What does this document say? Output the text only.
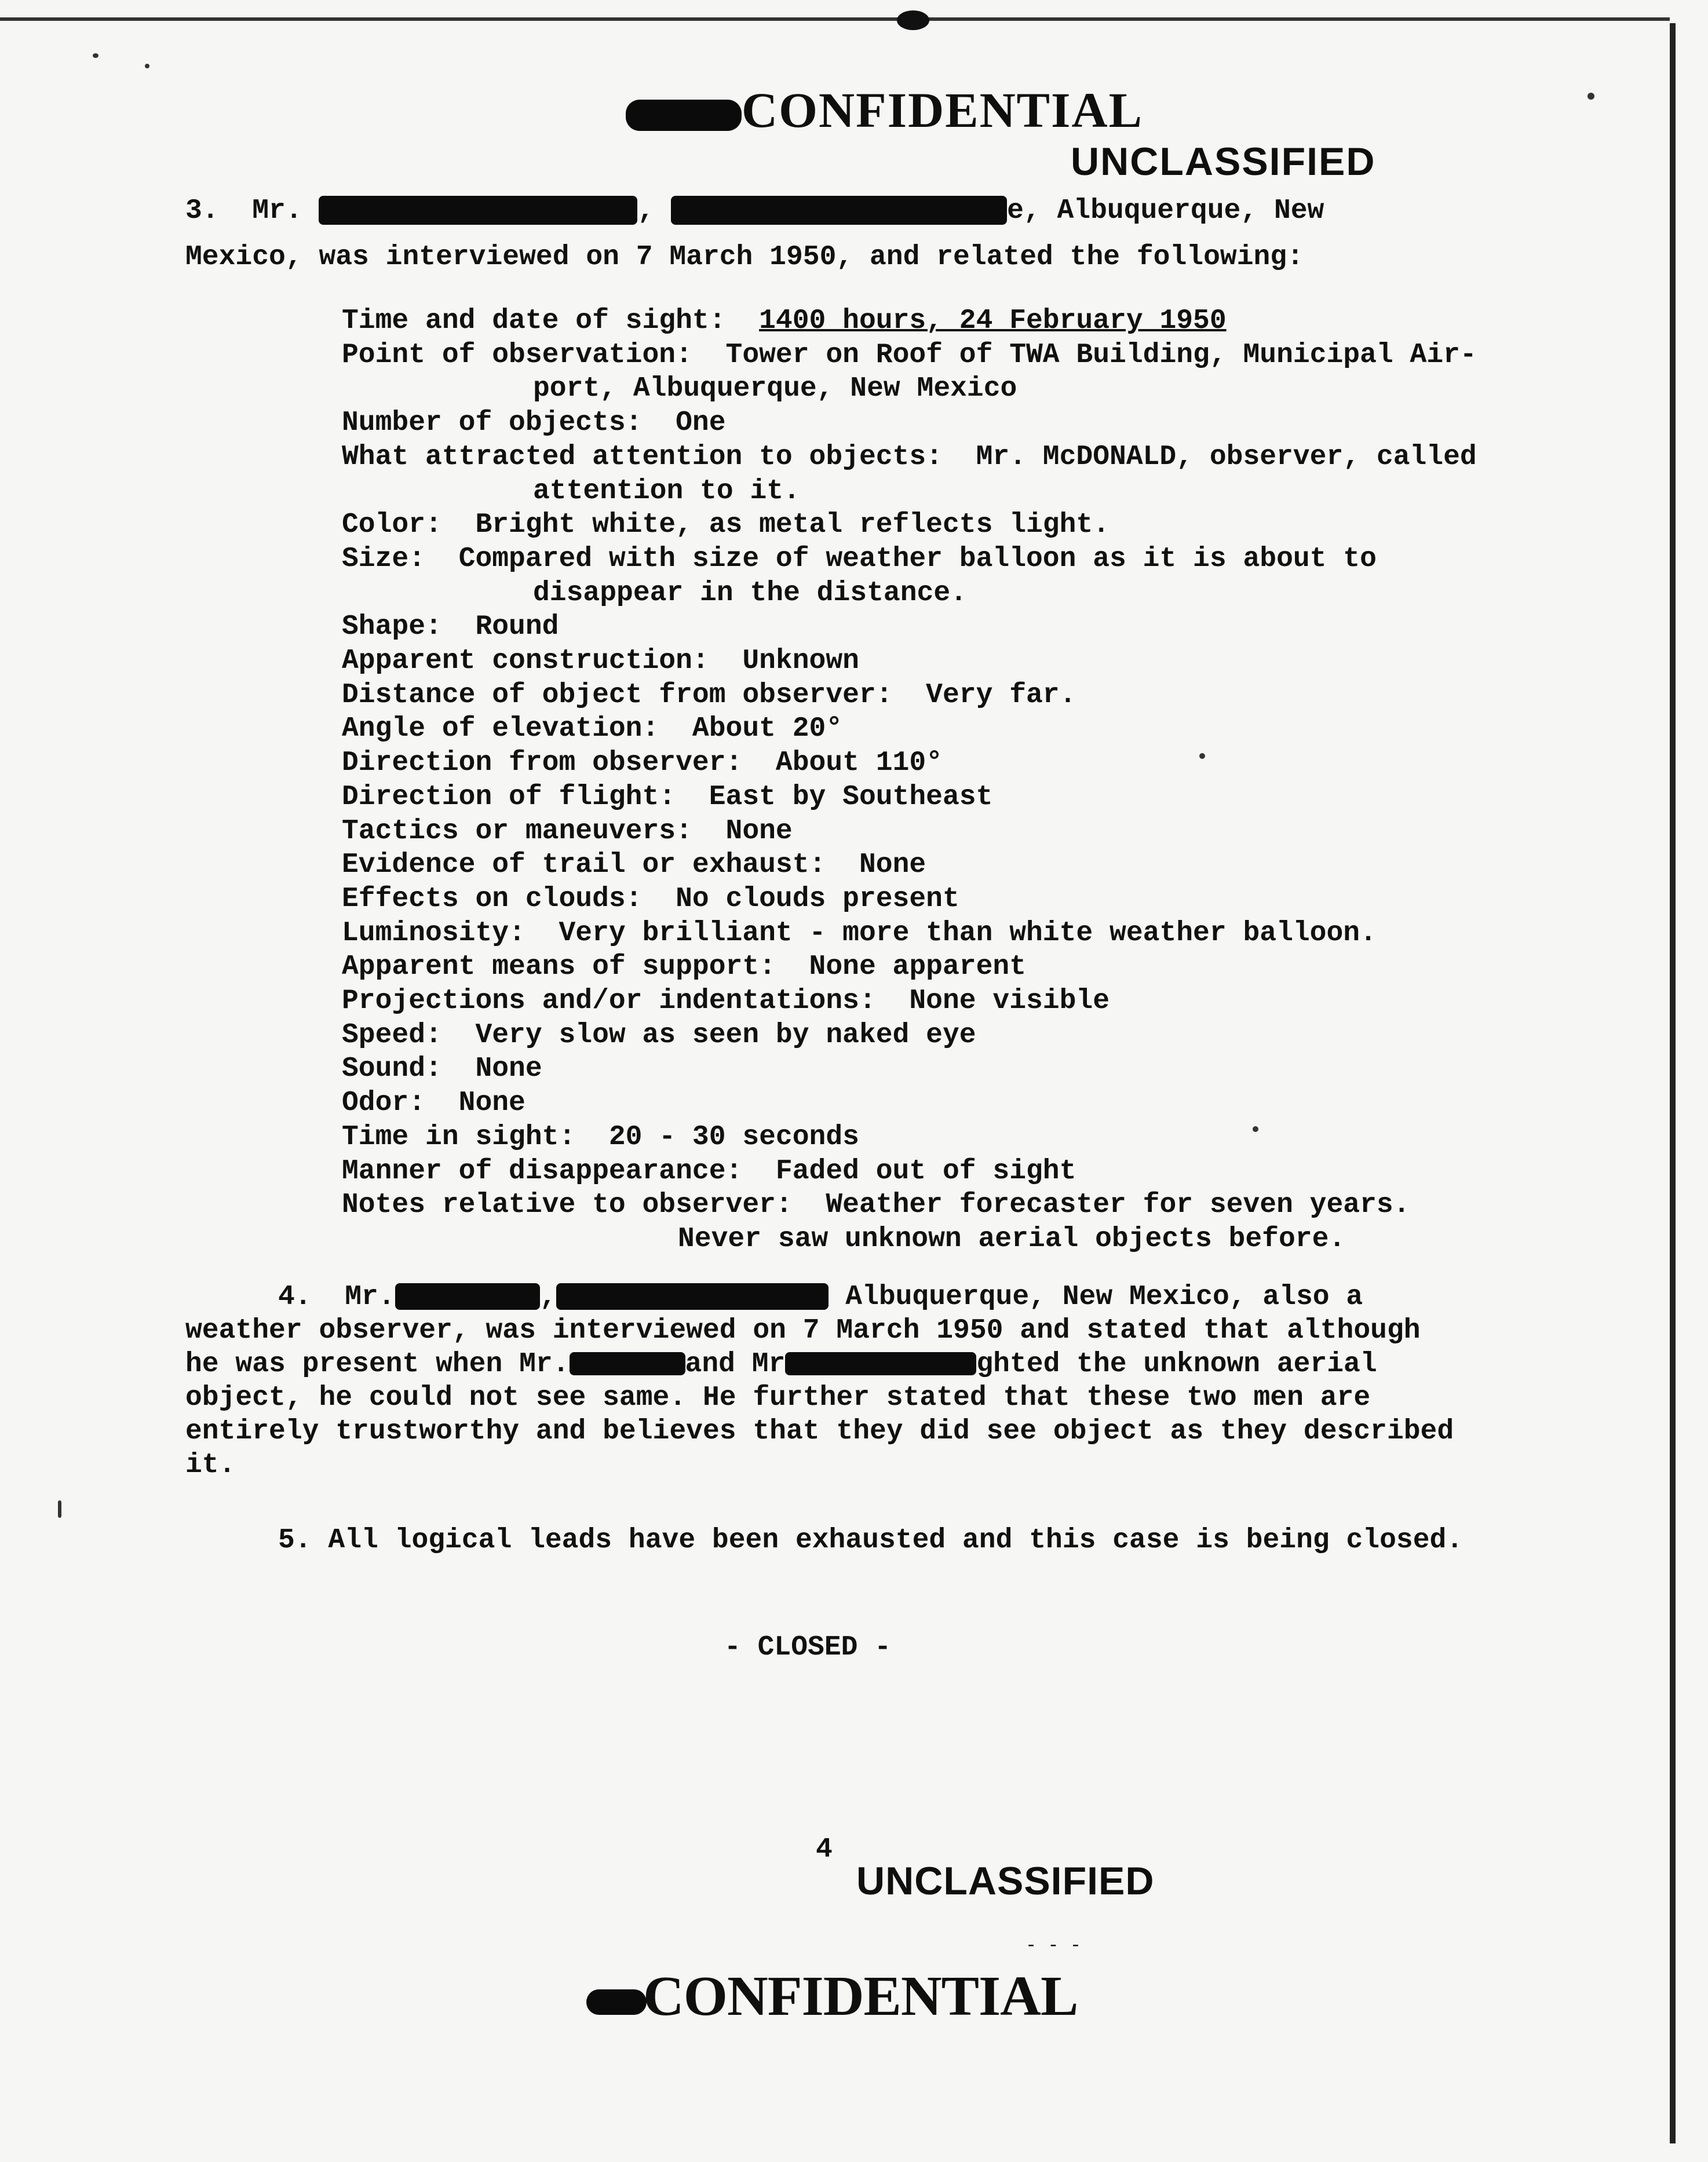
CONFIDENTIAL
UNCLASSIFIED
3. Mr.	,	e, Albuquerque, New
Mexico, was interviewed on 7 March 1950, and related the following:
Time and date of sight: 1400 hours, 24 February 1950
Point of observation: Tower on Roof of TWA Building, Municipal Air-
port, Albuquerque, New Mexico
Number of objects: One
What attracted attention to objects: Mr. McDONALD, observer, called
attention to it.
Color: Bright white, as metal reflects light.
Size: Compared with size of weather balloon as it is about to
disappear in the distance.
Shape: Round
Apparent construction: Unknown
Distance of object from observer: Very far.
Angle of elevation: About 20°
Direction from observer: About 110°
Direction of flight: East by Southeast
Tactics or maneuvers: None
Evidence of trail or exhaust: None
Effects on clouds: No clouds present
Luminosity: Very brilliant - more than white weather balloon.
Apparent means of support: None apparent
Projections and/or indentations: None visible
Speed: Very slow as seen by naked eye
Sound: None
Odor: None
Time in sight: 20 - 30 seconds
Manner of disappearance: Faded out of sight
Notes relative to observer: Weather forecaster for seven years.
Never saw unknown aerial objects before.
4. Mr.	,	Albuquerque, New Mexico, also a
weather observer, was interviewed on 7 March 1950 and stated that although
he was present when Mr.	and Mr	ghted the unknown aerial
object, he could not see same. He further stated that these two men are
entirely trustworthy and believes that they did see object as they described
it.
5. All logical leads have been exhausted and this case is being closed.
- CLOSED -
4
UNCLASSIFIED
CONFIDENTIAL
- - -
